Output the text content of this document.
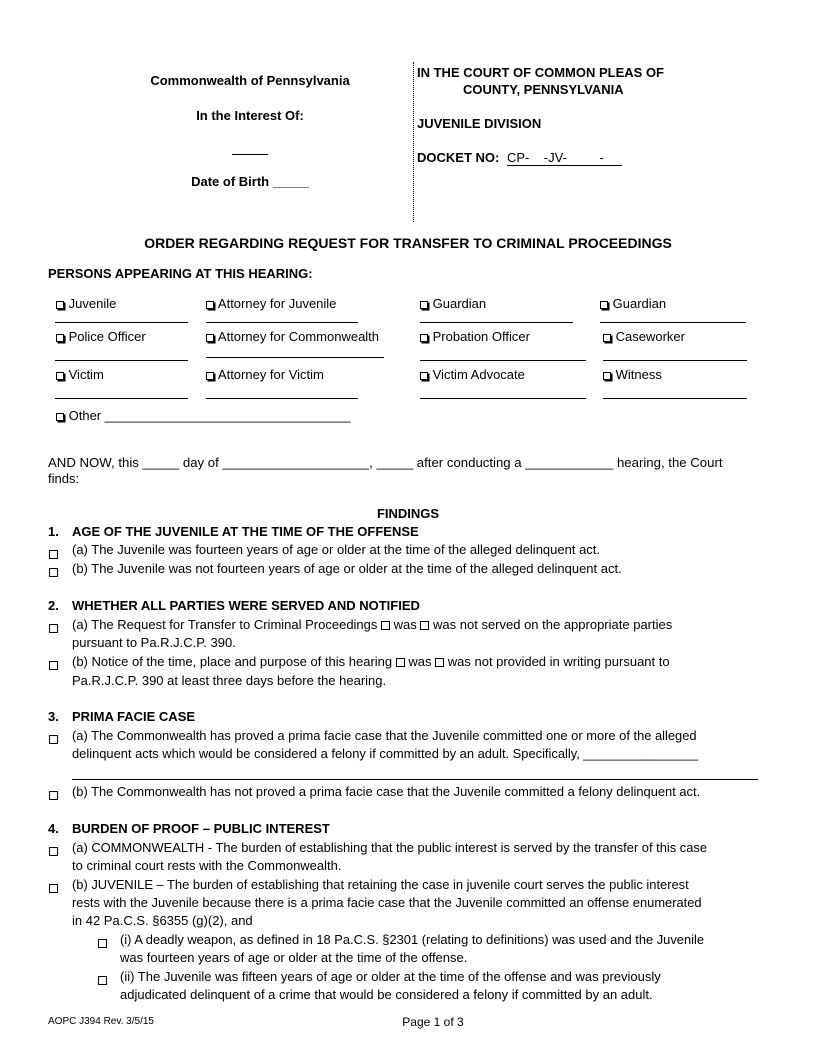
Commonwealth of Pennsylvania
In the Interest Of:
Date of Birth _____
IN THE COURT OF COMMON PLEAS OF
COUNTY, PENNSYLVANIA
JUVENILE DIVISION
DOCKET NO: CP-    -JV-         -
ORDER REGARDING REQUEST FOR TRANSFER TO CRIMINAL PROCEEDINGS
PERSONS APPEARING AT THIS HEARING:
Juvenile	Attorney for Juvenile	Guardian	Guardian
Police Officer	Attorney for Commonwealth	Probation Officer	Caseworker
Victim	Attorney for Victim	Victim Advocate	Witness
Other __________________________________
AND NOW, this _____ day of ____________________, _____ after conducting a ____________ hearing, the Court
finds:
FINDINGS
1. AGE OF THE JUVENILE AT THE TIME OF THE OFFENSE
(a) The Juvenile was fourteen years of age or older at the time of the alleged delinquent act.
(b) The Juvenile was not fourteen years of age or older at the time of the alleged delinquent act.
2. WHETHER ALL PARTIES WERE SERVED AND NOTIFIED
(a) The Request for Transfer to Criminal Proceedings was was not served on the appropriate parties
pursuant to Pa.R.J.C.P. 390.
(b) Notice of the time, place and purpose of this hearing was was not provided in writing pursuant to
Pa.R.J.C.P. 390 at least three days before the hearing.
3. PRIMA FACIE CASE
(a) The Commonwealth has proved a prima facie case that the Juvenile committed one or more of the alleged
delinquent acts which would be considered a felony if committed by an adult. Specifically, ________________
(b) The Commonwealth has not proved a prima facie case that the Juvenile committed a felony delinquent act.
4. BURDEN OF PROOF – PUBLIC INTEREST
(a) COMMONWEALTH - The burden of establishing that the public interest is served by the transfer of this case
to criminal court rests with the Commonwealth.
(b) JUVENILE – The burden of establishing that retaining the case in juvenile court serves the public interest
rests with the Juvenile because there is a prima facie case that the Juvenile committed an offense enumerated
in 42 Pa.C.S. §6355 (g)(2), and
(i) A deadly weapon, as defined in 18 Pa.C.S. §2301 (relating to definitions) was used and the Juvenile
was fourteen years of age or older at the time of the offense.
(ii) The Juvenile was fifteen years of age or older at the time of the offense and was previously
adjudicated delinquent of a crime that would be considered a felony if committed by an adult.
AOPC J394 Rev. 3/5/15	Page 1 of 3
